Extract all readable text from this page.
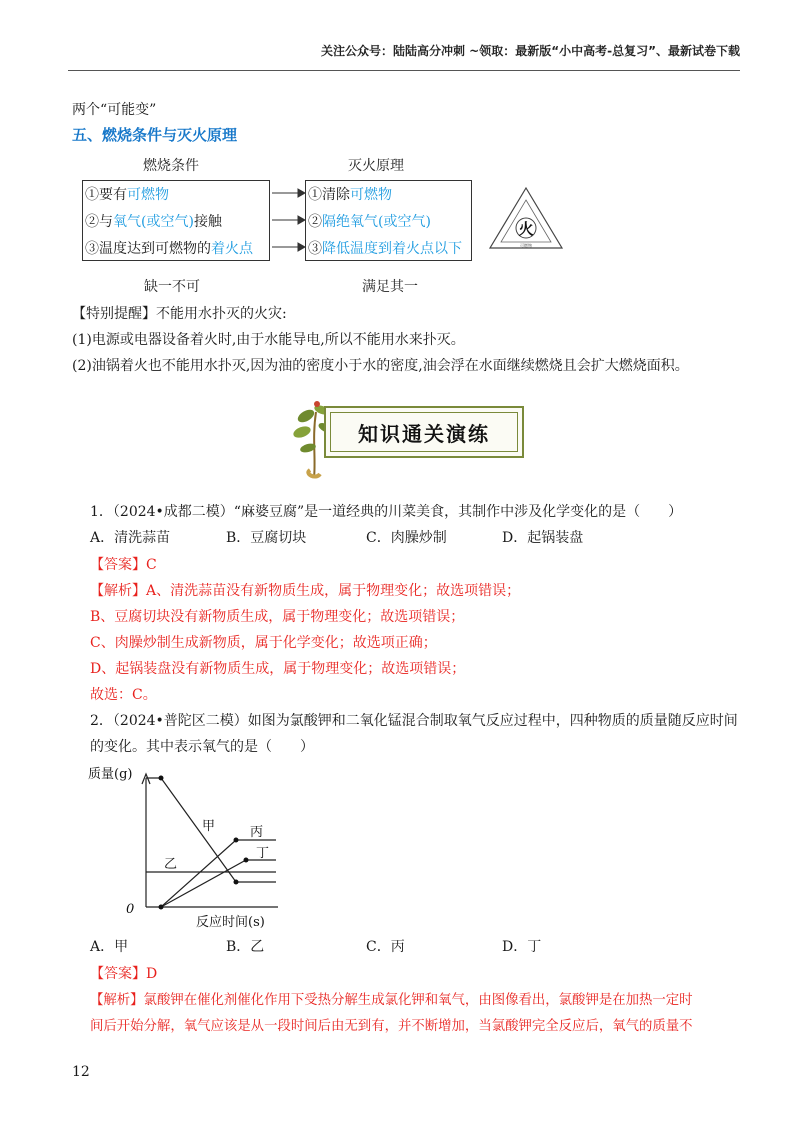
关注公众号：陆陆高分冲刺 ~领取：最新版“小中高考-总复习”、最新试卷下载
两个“可能变”
五、燃烧条件与灭火原理
燃烧条件	灭火原理
①要有可燃物
②与氧气(或空气)接触
③温度达到可燃物的着火点
①清除可燃物
②隔绝氧气(或空气)
③降低温度到着火点以下
火
可燃物
缺一不可	满足其一
【特别提醒】不能用水扑灭的火灾:
(1)电源或电器设备着火时,由于水能导电,所以不能用水来扑灭。
(2)油锅着火也不能用水扑灭,因为油的密度小于水的密度,油会浮在水面继续燃烧且会扩大燃烧面积。
知识通关演练
1．（2024•成都二模）“麻婆豆腐”是一道经典的川菜美食，其制作中涉及化学变化的是（　　）
A．清洗蒜苗	B．豆腐切块	C．肉臊炒制	D．起锅装盘
【答案】C
【解析】A、清洗蒜苗没有新物质生成，属于物理变化；故选项错误；
B、豆腐切块没有新物质生成，属于物理变化；故选项错误；
C、肉臊炒制生成新物质，属于化学变化；故选项正确；
D、起锅装盘没有新物质生成，属于物理变化；故选项错误；
故选：C。
2．（2024•普陀区二模）如图为氯酸钾和二氧化锰混合制取氧气反应过程中，四种物质的质量随反应时间
的变化。其中表示氧气的是（　　）
质量(g)
反应时间(s)
0
甲
乙
丙
丁
A．甲	B．乙	C．丙	D．丁
【答案】D
【解析】氯酸钾在催化剂催化作用下受热分解生成氯化钾和氧气，由图像看出，氯酸钾是在加热一定时
间后开始分解，氧气应该是从一段时间后由无到有，并不断增加，当氯酸钾完全反应后，氧气的质量不
12
